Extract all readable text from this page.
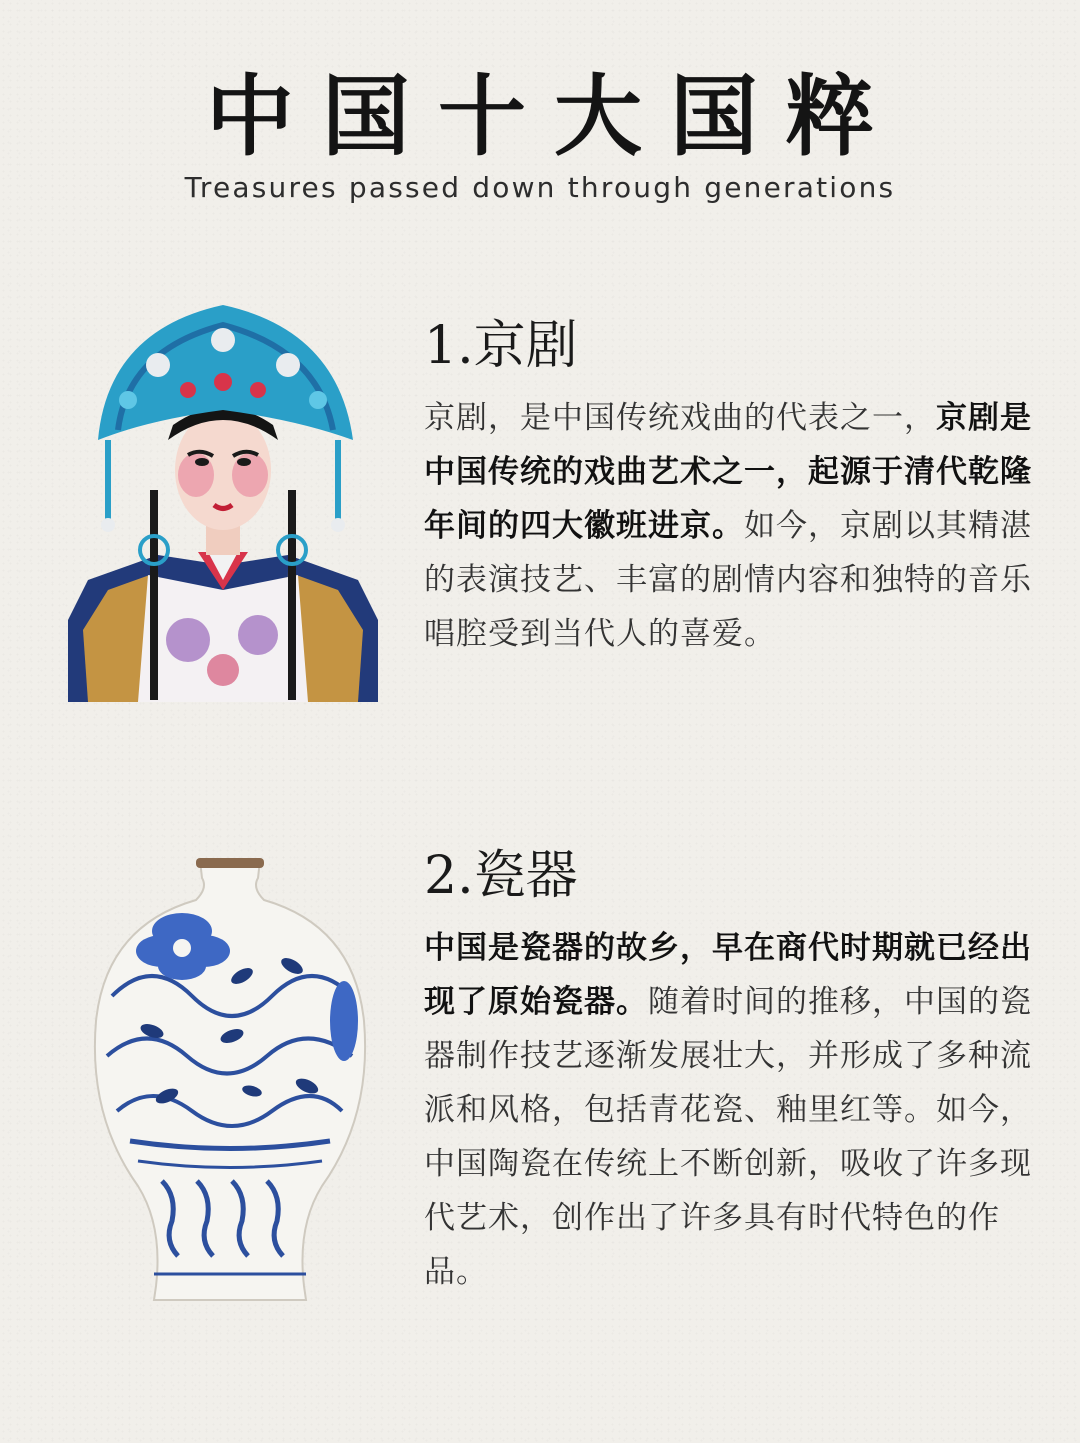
中国十大国粹
Treasures passed down through generations
1.京剧
京剧，是中国传统戏曲的代表之一，京剧是中国传统的戏曲艺术之一，起源于清代乾隆年间的四大徽班进京。如今，京剧以其精湛的表演技艺、丰富的剧情内容和独特的音乐唱腔受到当代人的喜爱。
2.瓷器
中国是瓷器的故乡，早在商代时期就已经出现了原始瓷器。随着时间的推移，中国的瓷器制作技艺逐渐发展壮大，并形成了多种流派和风格，包括青花瓷、釉里红等。如今，中国陶瓷在传统上不断创新，吸收了许多现代艺术，创作出了许多具有时代特色的作品。
